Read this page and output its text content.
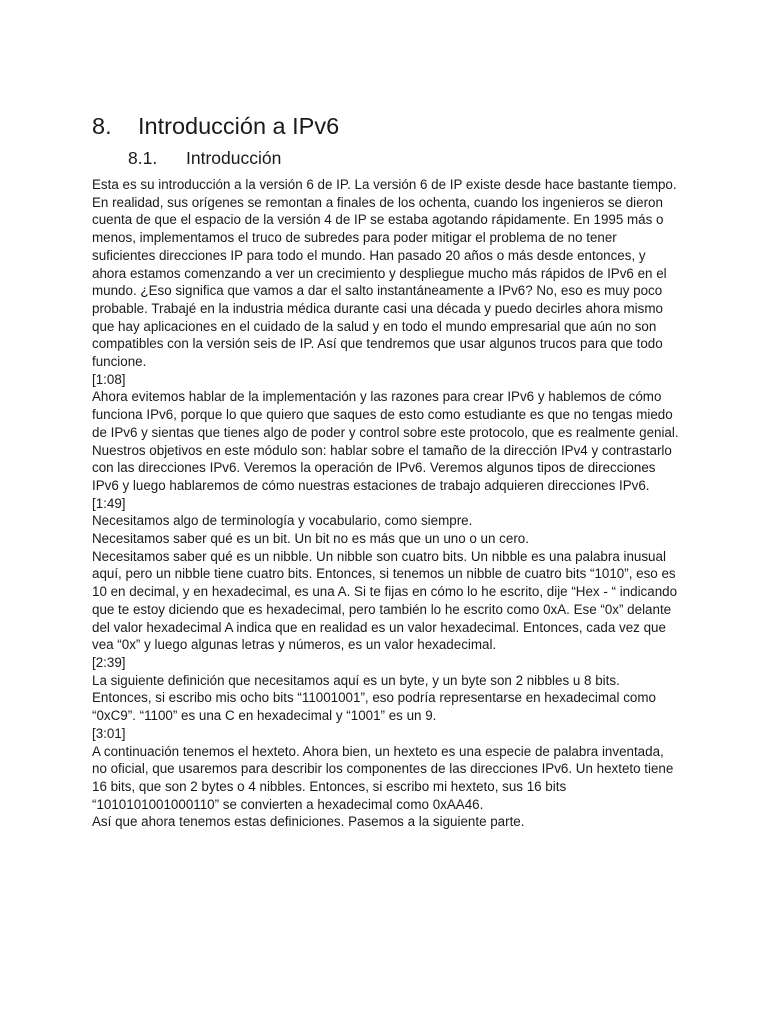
8. Introducción a IPv6
8.1. Introducción

Esta es su introducción a la versión 6 de IP. La versión 6 de IP existe desde hace bastante tiempo. En realidad, sus orígenes se remontan a finales de los ochenta, cuando los ingenieros se dieron cuenta de que el espacio de la versión 4 de IP se estaba agotando rápidamente. En 1995 más o menos, implementamos el truco de subredes para poder mitigar el problema de no tener suficientes direcciones IP para todo el mundo. Han pasado 20 años o más desde entonces, y ahora estamos comenzando a ver un crecimiento y despliegue mucho más rápidos de IPv6 en el mundo. ¿Eso significa que vamos a dar el salto instantáneamente a IPv6? No, eso es muy poco probable. Trabajé en la industria médica durante casi una década y puedo decirles ahora mismo que hay aplicaciones en el cuidado de la salud y en todo el mundo empresarial que aún no son compatibles con la versión seis de IP. Así que tendremos que usar algunos trucos para que todo funcione.

[1:08]

Ahora evitemos hablar de la implementación y las razones para crear IPv6 y hablemos de cómo funciona IPv6, porque lo que quiero que saques de esto como estudiante es que no tengas miedo de IPv6 y sientas que tienes algo de poder y control sobre este protocolo, que es realmente genial.

Nuestros objetivos en este módulo son: hablar sobre el tamaño de la dirección IPv4 y contrastarlo con las direcciones IPv6. Veremos la operación de IPv6. Veremos algunos tipos de direcciones IPv6 y luego hablaremos de cómo nuestras estaciones de trabajo adquieren direcciones IPv6.

[1:49]

Necesitamos algo de terminología y vocabulario, como siempre.

Necesitamos saber qué es un bit. Un bit no es más que un uno o un cero.

Necesitamos saber qué es un nibble. Un nibble son cuatro bits. Un nibble es una palabra inusual aquí, pero un nibble tiene cuatro bits. Entonces, si tenemos un nibble de cuatro bits “1010”, eso es 10 en decimal, y en hexadecimal, es una A. Si te fijas en cómo lo he escrito, dije “Hex - “ indicando que te estoy diciendo que es hexadecimal, pero también lo he escrito como 0xA. Ese “0x” delante del valor hexadecimal A indica que en realidad es un valor hexadecimal. Entonces, cada vez que vea “0x” y luego algunas letras y números, es un valor hexadecimal.

[2:39]

La siguiente definición que necesitamos aquí es un byte, y un byte son 2 nibbles u 8 bits. Entonces, si escribo mis ocho bits “11001001”, eso podría representarse en hexadecimal como “0xC9”. “1100” es una C en hexadecimal y “1001” es un 9.

[3:01]

A continuación tenemos el hexteto. Ahora bien, un hexteto es una especie de palabra inventada, no oficial, que usaremos para describir los componentes de las direcciones IPv6. Un hexteto tiene 16 bits, que son 2 bytes o 4 nibbles. Entonces, si escribo mi hexteto, sus 16 bits “1010101001000110” se convierten a hexadecimal como 0xAA46.

Así que ahora tenemos estas definiciones. Pasemos a la siguiente parte.
